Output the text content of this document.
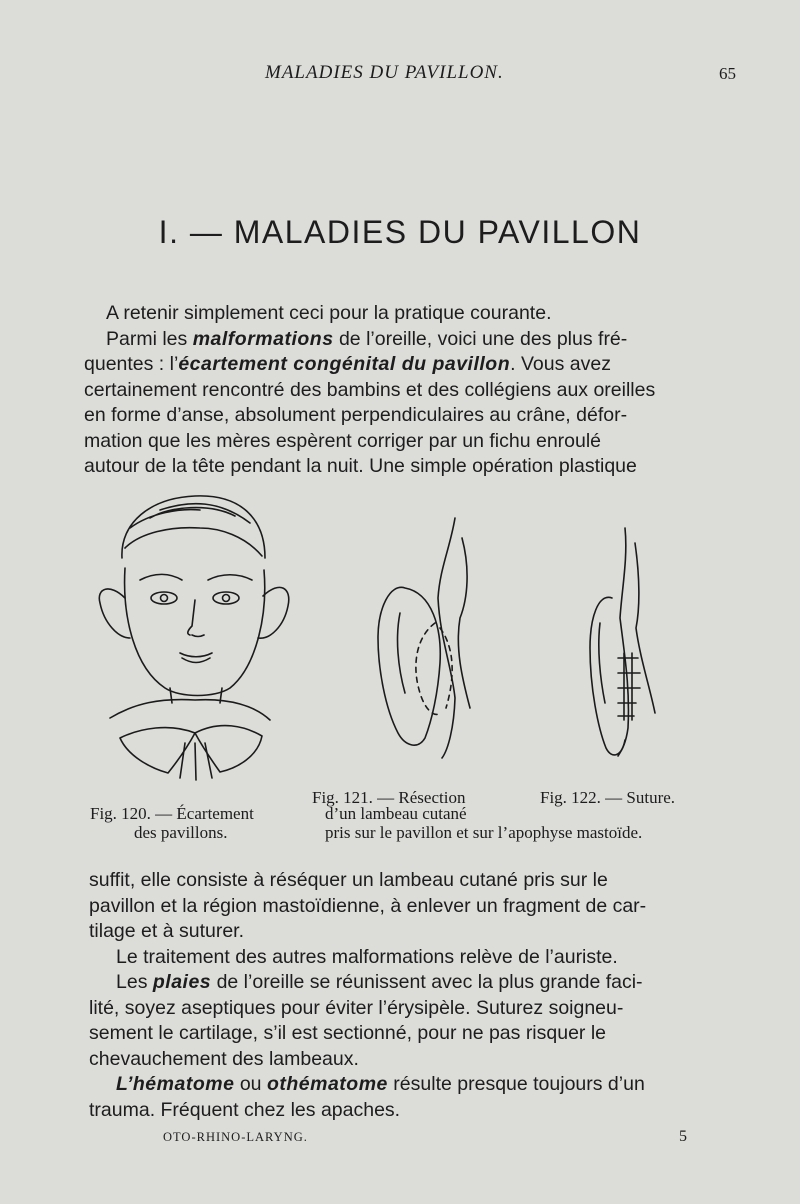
MALADIES DU PAVILLON.	65
I. — MALADIES DU PAVILLON

A retenir simplement ceci pour la pratique courante.

Parmi les malformations de l’oreille, voici une des plus fré-

quentes : l’écartement congénital du pavillon. Vous avez

certainement rencontré des bambins et des collégiens aux oreilles

en forme d’anse, absolument perpendiculaires au crâne, défor-

mation que les mères espèrent corriger par un fichu enroulé

autour de la tête pendant la nuit. Une simple opération plastique

Fig. 121. — Résection	Fig. 122. — Suture.
Fig. 120. — Écartement	d’un lambeau cutané
des pavillons.	pris sur le pavillon et sur l’apophyse mastoïde.

suffit, elle consiste à réséquer un lambeau cutané pris sur le

pavillon et la région mastoïdienne, à enlever un fragment de car-

tilage et à suturer.

Le traitement des autres malformations relève de l’auriste.

Les plaies de l’oreille se réunissent avec la plus grande faci-

lité, soyez aseptiques pour éviter l’érysipèle. Suturez soigneu-

sement le cartilage, s’il est sectionné, pour ne pas risquer le

chevauchement des lambeaux.

L’hématome ou othématome résulte presque toujours d’un

trauma. Fréquent chez les apaches.

OTO-RHINO-LARYNG.	5
